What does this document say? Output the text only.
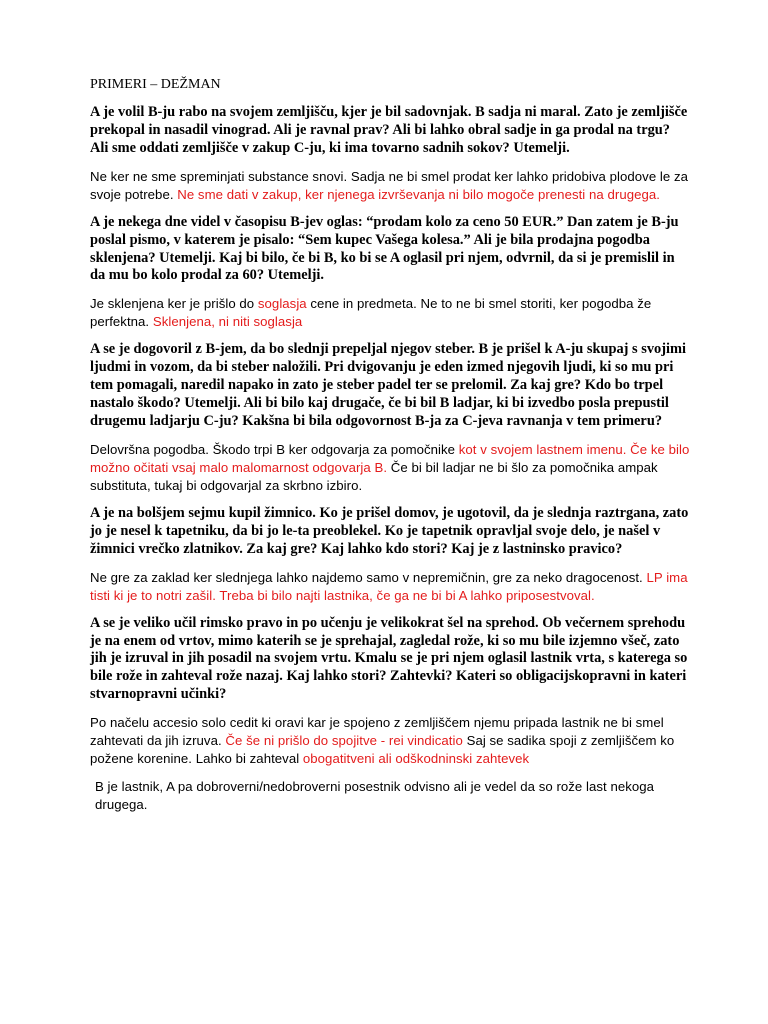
PRIMERI – DEŽMAN

A je volil B-ju rabo na svojem zemljišču, kjer je bil sadovnjak. B sadja ni maral. Zato je zemljišče prekopal in nasadil vinograd. Ali je ravnal prav? Ali bi lahko obral sadje in ga prodal na trgu? Ali sme oddati zemljišče v zakup C-ju, ki ima tovarno sadnih sokov? Utemelji.

Ne ker ne sme spreminjati substance snovi. Sadja ne bi smel prodat ker lahko pridobiva plodove le za svoje potrebe. Ne sme dati v zakup, ker njenega izvrševanja ni bilo mogoče prenesti na drugega.

A je nekega dne videl v časopisu B-jev oglas: “prodam kolo za ceno 50 EUR.” Dan zatem je B-ju poslal pismo, v katerem je pisalo: “Sem kupec Vašega kolesa.” Ali je bila prodajna pogodba sklenjena? Utemelji. Kaj bi bilo, če bi B, ko bi se A oglasil pri njem, odvrnil, da si je premislil in da mu bo kolo prodal za 60? Utemelji.

Je sklenjena ker je prišlo do soglasja cene in predmeta. Ne to ne bi smel storiti, ker pogodba že perfektna. Sklenjena, ni niti soglasja

A se je dogovoril z B-jem, da bo slednji prepeljal njegov steber. B je prišel k A-ju skupaj s svojimi ljudmi in vozom, da bi steber naložili. Pri dvigovanju je eden izmed njegovih ljudi, ki so mu pri tem pomagali, naredil napako in zato je steber padel ter se prelomil. Za kaj gre? Kdo bo trpel nastalo škodo? Utemelji. Ali bi bilo kaj drugače, če bi bil B ladjar, ki bi izvedbo posla prepustil drugemu ladjarju C-ju? Kakšna bi bila odgovornost B-ja za C-jeva ravnanja v tem primeru?

Delovršna pogodba. Škodo trpi B ker odgovarja za pomočnike kot v svojem lastnem imenu. Če ke bilo možno očitati vsaj malo malomarnost odgovarja B. Če bi bil ladjar ne bi šlo za pomočnika ampak substituta, tukaj bi odgovarjal za skrbno izbiro.

A je na bolšjem sejmu kupil žimnico. Ko je prišel domov, je ugotovil, da je slednja raztrgana, zato jo je nesel k tapetniku, da bi jo le-ta preoblekel. Ko je tapetnik opravljal svoje delo, je našel v žimnici vrečko zlatnikov. Za kaj gre? Kaj lahko kdo stori? Kaj je z lastninsko pravico?

Ne gre za zaklad ker slednjega lahko najdemo samo v nepremičnin, gre za neko dragocenost. LP ima tisti ki je to notri zašil. Treba bi bilo najti lastnika, če ga ne bi bi A lahko priposestvoval.

A se je veliko učil rimsko pravo in po učenju je velikokrat šel na sprehod. Ob večernem sprehodu je na enem od vrtov, mimo katerih se je sprehajal, zagledal rože, ki so mu bile izjemno všeč, zato jih je izruval in jih posadil na svojem vrtu. Kmalu se je pri njem oglasil lastnik vrta, s katerega so bile rože in zahteval rože nazaj. Kaj lahko stori? Zahtevki? Kateri so obligacijskopravni in kateri stvarnopravni učinki?

Po načelu accesio solo cedit ki oravi kar je spojeno z zemljiščem njemu pripada lastnik ne bi smel zahtevati da jih izruva. Če še ni prišlo do spojitve - rei vindicatio Saj se sadika spoji z zemljiščem ko požene korenine. Lahko bi zahteval obogatitveni ali odškodninski zahtevek

B je lastnik, A pa dobroverni/nedobroverni posestnik odvisno ali je vedel da so rože last nekoga drugega.
